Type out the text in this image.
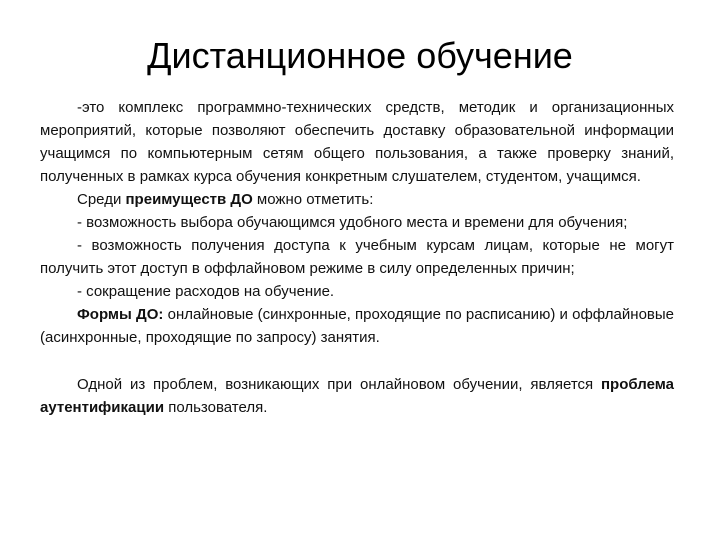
Дистанционное обучение

-это комплекс программно-технических средств, методик и организационных мероприятий, которые позволяют обеспечить доставку образовательной информации учащимся по компьютерным сетям общего пользования, а также проверку знаний, полученных в рамках курса обучения конкретным слушателем, студентом, учащимся.

Среди преимуществ ДО можно отметить:

- возможность выбора обучающимся удобного места и времени для обучения;

- возможность получения доступа к учебным курсам лицам, которые не могут получить этот доступ в оффлайновом режиме в силу определенных причин;

- сокращение расходов на обучение.

Формы ДО: онлайновые (синхронные, проходящие по расписанию) и оффлайновые (асинхронные, проходящие по запросу) занятия.

Одной из проблем, возникающих при онлайновом обучении, является проблема аутентификации пользователя.
